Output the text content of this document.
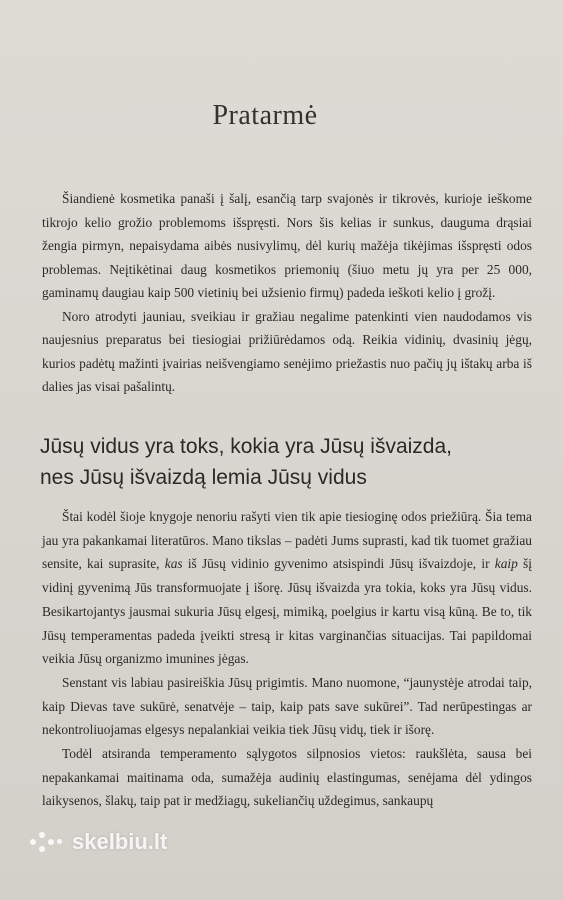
Pratarmė

Šiandienė kosmetika panaši į šalį, esančią tarp svajonės ir tikrovės, kurioje ieškome tikrojo kelio grožio problemoms išspręsti. Nors šis kelias ir sunkus, dauguma drąsiai žengia pirmyn, nepaisydama aibės nusivylimų, dėl kurių mažėja tikėjimas išspręsti odos problemas. Neįtikėtinai daug kosmetikos priemonių (šiuo metu jų yra per 25 000, gaminamų daugiau kaip 500 vietinių bei užsienio firmų) padeda ieškoti kelio į grožį.

Noro atrodyti jauniau, sveikiau ir gražiau negalime patenkinti vien naudodamos vis naujesnius preparatus bei tiesiogiai prižiūrėdamos odą. Reikia vidinių, dvasinių jėgų, kurios padėtų mažinti įvairias neišvengiamo senėjimo priežastis nuo pačių jų ištakų arba iš dalies jas visai pašalintų.

Jūsų vidus yra toks, kokia yra Jūsų išvaizda,
nes Jūsų išvaizdą lemia Jūsų vidus

Štai kodėl šioje knygoje nenoriu rašyti vien tik apie tiesioginę odos priežiūrą. Šia tema jau yra pakankamai literatūros. Mano tikslas – padėti Jums suprasti, kad tik tuomet gražiau sensite, kai suprasite, kas iš Jūsų vidinio gyvenimo atsispindi Jūsų išvaizdoje, ir kaip šį vidinį gyvenimą Jūs transformuojate į išorę. Jūsų išvaizda yra tokia, koks yra Jūsų vidus. Besikartojantys jausmai sukuria Jūsų elgesį, mimiką, poelgius ir kartu visą kūną. Be to, tik Jūsų temperamentas padeda įveikti stresą ir kitas varginančias situacijas. Tai papildomai veikia Jūsų organizmo imunines jėgas.

Senstant vis labiau pasireiškia Jūsų prigimtis. Mano nuomone, “jaunystėje atrodai taip, kaip Dievas tave sukūrė, senatvėje – taip, kaip pats save sukūrei”. Tad nerūpestingas ar nekontroliuojamas elgesys nepalankiai veikia tiek Jūsų vidų, tiek ir išorę.

Todėl atsiranda temperamento sąlygotos silpnosios vietos: raukšlėta, sausa bei nepakankamai maitinama oda, sumažėja audinių elastingumas, senėjama dėl ydingos laikysenos, šlakų, taip pat ir medžiagų, sukeliančių uždegimus, sankaupų

skelbiu.lt
